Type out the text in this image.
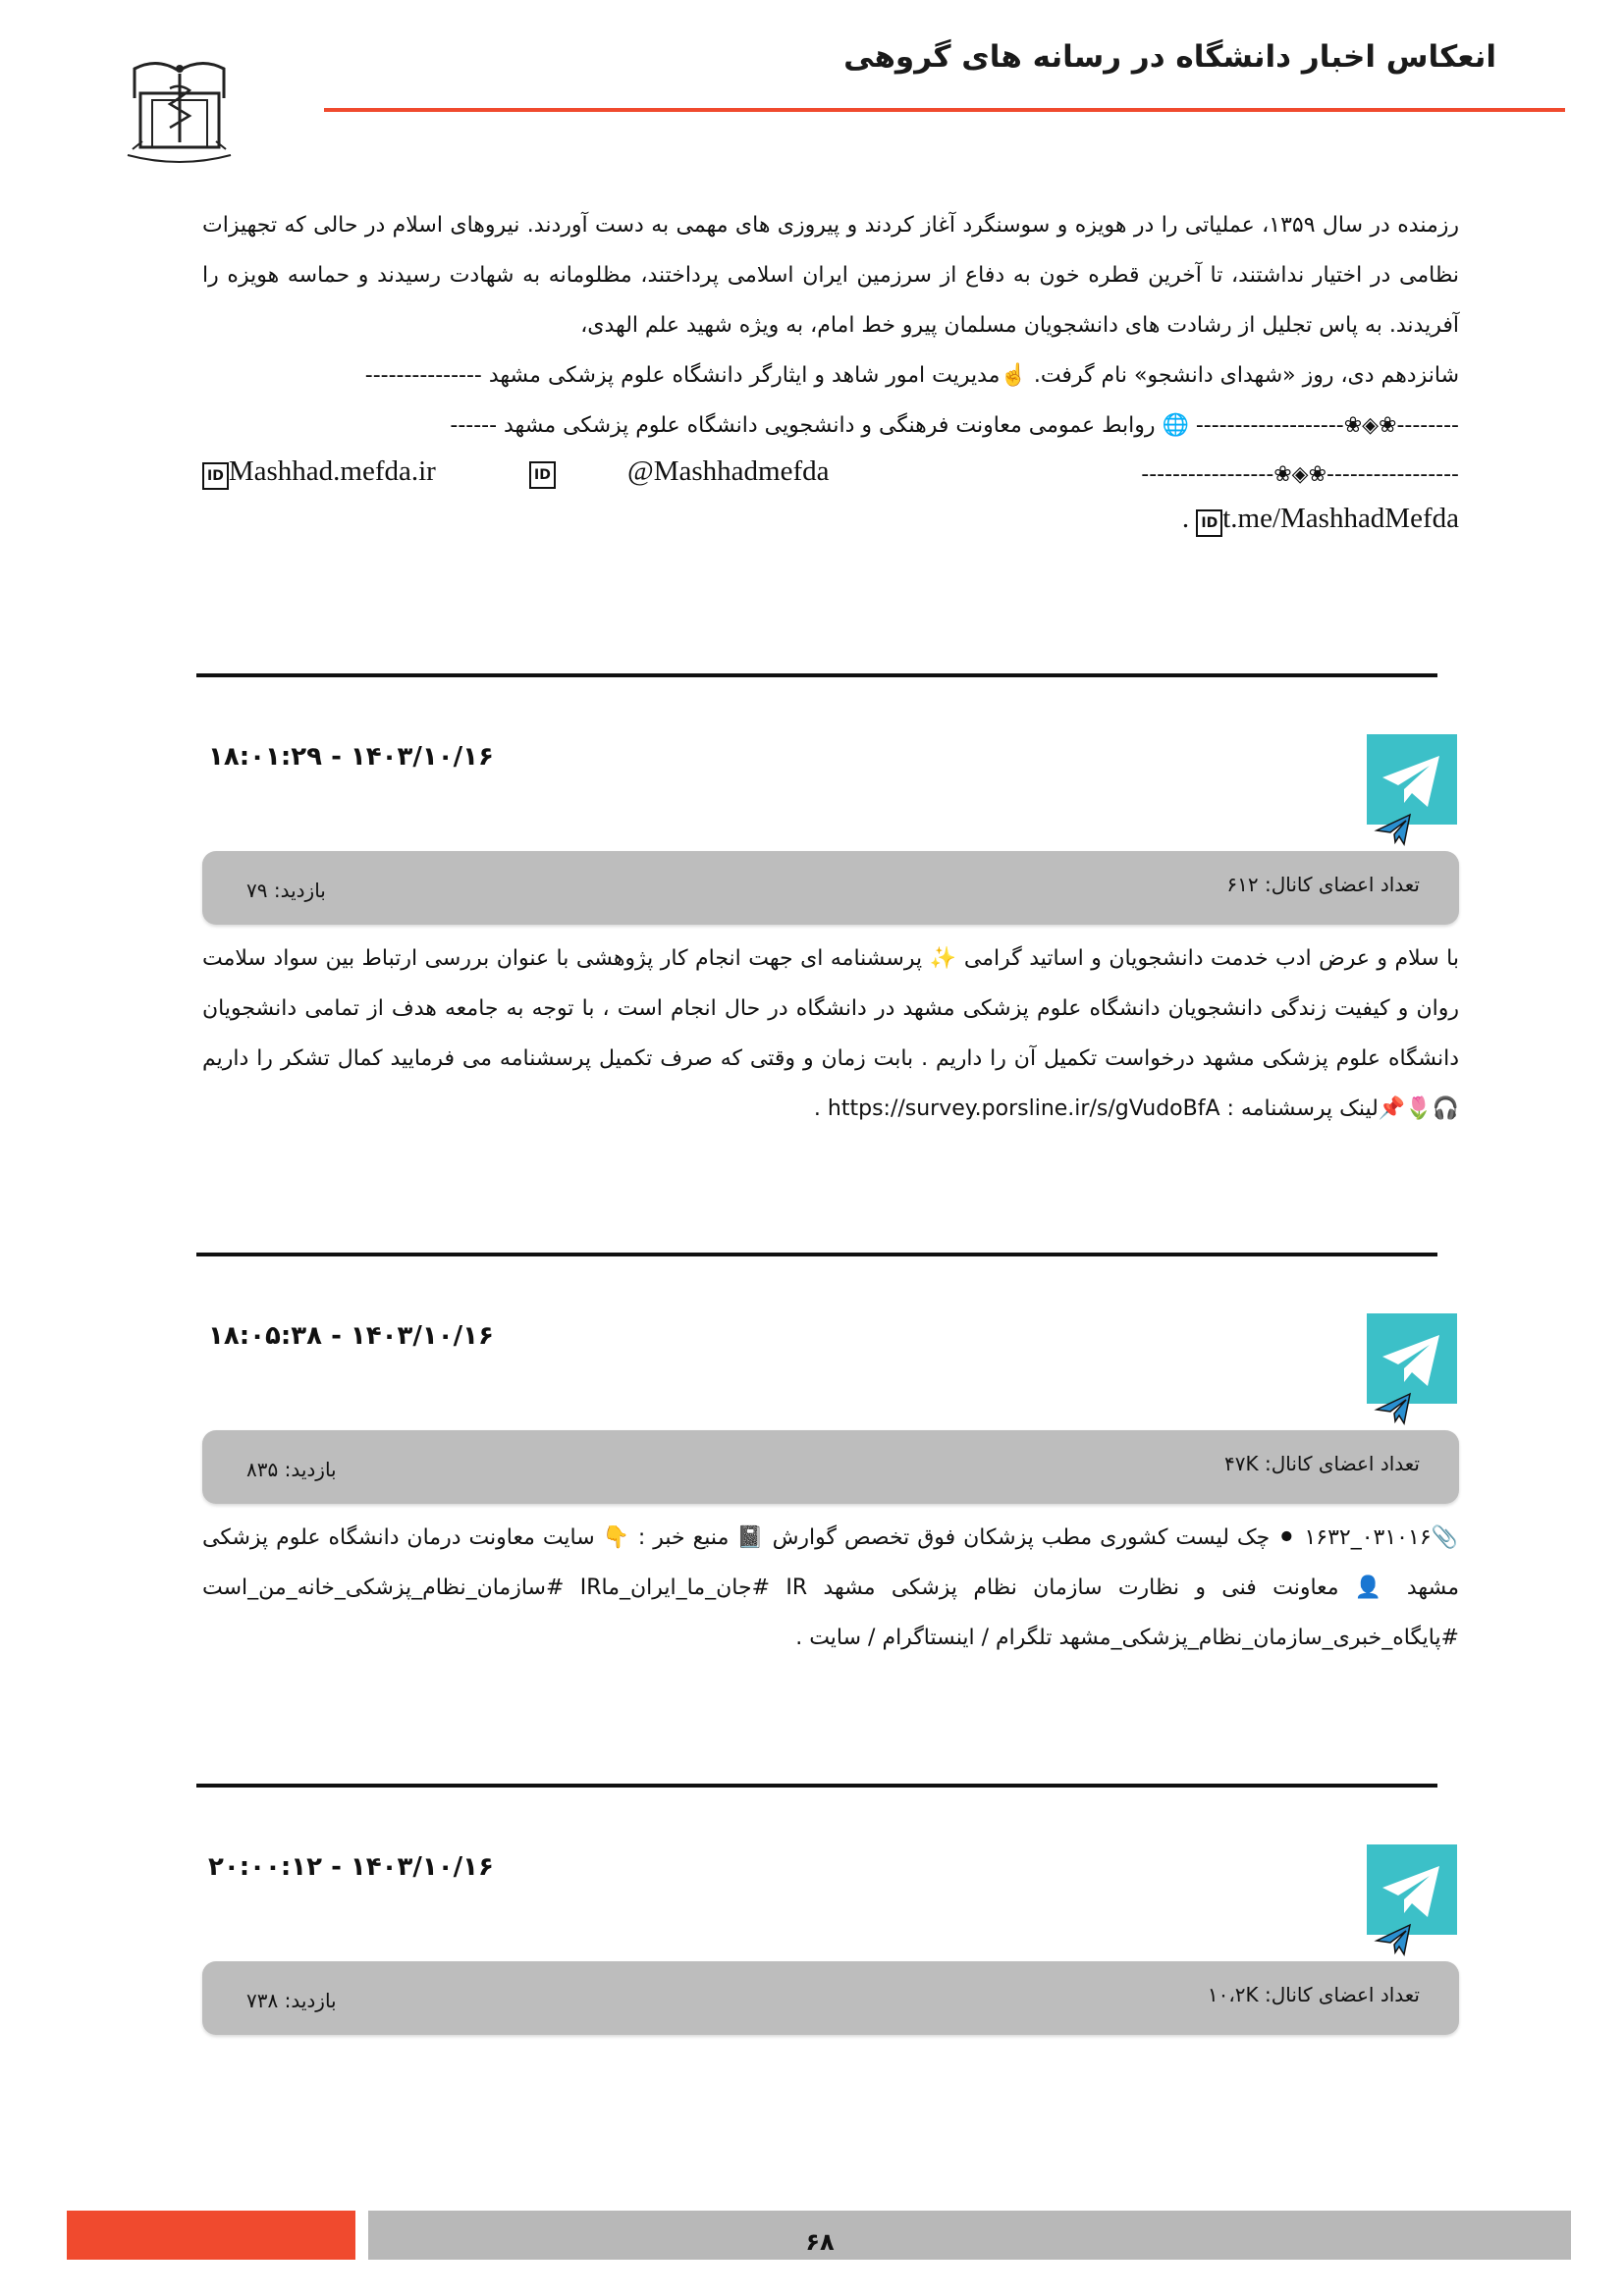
انعکاس اخبار دانشگاه در رسانه های گروهی
رزمنده در سال ۱۳۵۹، عملیاتی را در هویزه و سوسنگرد آغاز کردند و پیروزی های مهمی به دست آوردند. نیروهای اسلام در حالی که تجهیزات نظامی در اختیار نداشتند، تا آخرین قطره خون به دفاع از سرزمین ایران اسلامی پرداختند، مظلومانه به شهادت رسیدند و حماسه هویزه را آفریدند. به پاس تجلیل از رشادت های دانشجویان مسلمان پیرو خط امام، به ویژه شهید علم الهدی،
شانزدهم دی، روز «شهدای دانشجو» نام گرفت. ☝️مدیریت امور شاهد و ایثارگر دانشگاه علوم پزشکی مشهد ---------------
--------❀◈❀------------------- 🌐 روابط عمومی معاونت فرهنگی و دانشجویی دانشگاه علوم پزشکی مشهد ------
-----------------❀◈❀-----------------
@Mashhadmefda
ID
ID Mashhad.mefda.ir
. ID t.me/MashhadMefda
۱۴۰۳/۱۰/۱۶ - ۱۸:۰۱:۲۹
تعداد اعضای کانال: ۶۱۲
بازدید: ۷۹
با سلام و عرض ادب خدمت دانشجویان و اساتید گرامی ✨ پرسشنامه ای جهت انجام کار پژوهشی با عنوان بررسی ارتباط بین سواد سلامت روان و کیفیت زندگی دانشجویان دانشگاه علوم پزشکی مشهد در دانشگاه در حال انجام است ، با توجه به جامعه هدف از تمامی دانشجویان دانشگاه علوم پزشکی مشهد درخواست تکمیل آن را داریم . بابت زمان و وقتی که صرف تکمیل پرسشنامه می فرمایید کمال تشکر را داریم 🎧🌷📌لینک پرسشنامه : https://survey.porsline.ir/s/gVudoBfA .
۱۴۰۳/۱۰/۱۶ - ۱۸:۰۵:۳۸
تعداد اعضای کانال: ۴۷K
بازدید: ۸۳۵
📎۰۳۱۰۱۶_۱۶۳۲ ⚫ چک لیست کشوری مطب پزشکان فوق تخصص گوارش 📓 منبع خبر : 👇 سایت معاونت درمان دانشگاه علوم پزشکی مشهد 👤 معاونت فنی و نظارت سازمان نظام پزشکی مشهد IR #جان_ما_ایران_ماIR #سازمان_نظام_پزشکی_خانه_من_است #پایگاه_خبری_سازمان_نظام_پزشکی_مشهد تلگرام / اینستاگرام / سایت .
۱۴۰۳/۱۰/۱۶ - ۲۰:۰۰:۱۲
تعداد اعضای کانال: ۱۰،۲K
بازدید: ۷۳۸
۶۸
